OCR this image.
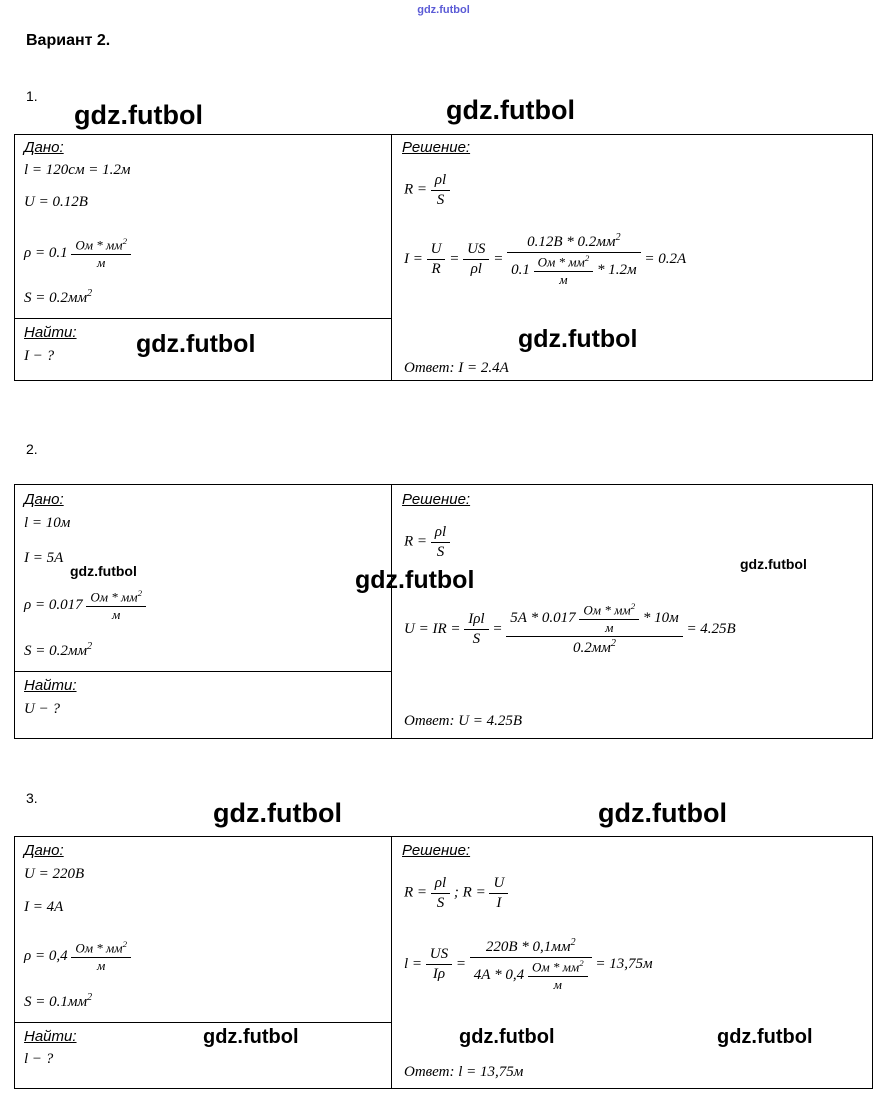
gdz.futbol
Вариант 2.
1.
gdz.futbol	gdz.futbol
Дано:
l = 120см = 1.2м
U = 0.12В
$\rho = 0.1 \frac{Ом * мм^2}{м}$
$S = 0.2мм^2$
Найти:
I − ?	gdz.futbol
Решение:
$R = \frac{\rho l}{S}$
$I = \frac{U}{R} = \frac{US}{\rho l}$ =
$0.12В * 0.2мм^2$
$0.1 \frac{Ом * мм^2}{м} * 1.2м$
= 0.2А
gdz.futbol
Ответ: I = 2.4А
2.
Дано:
l = 10м
I = 5А
gdz.futbol
$\rho = 0.017 \frac{Ом * мм^2}{м}$
$S = 0.2мм^2$
Найти:
U − ?
Решение:
$R = \frac{\rho l}{S}$
U = IR = $\frac{\text{Iρl}}{S}$ =
$5А * 0.017 \frac{Ом * мм^2}{м} * 10м$
$0.2мм^2$
= 4.25В
gdz.futbol
gdz.futbol
Ответ: U = 4.25В
3.	gdz.futbol	gdz.futbol
Дано:
U = 220В
I = 4А
$\rho = 0,4 \frac{Ом * мм^2}{м}$
$S = 0.1мм^2$
Найти:
l − ?
gdz.futbol
Решение:
$R = \frac{\rho l}{S}$ ; $R = \frac{U}{I}$
$l = \frac{US}{I\rho} = \frac{220В * 0,1мм^2}{4А * 0,4 \frac{Ом * мм^2}{м}} = 13,75м$
gdz.futbol	gdz.futbol
Ответ: l = 13,75м
